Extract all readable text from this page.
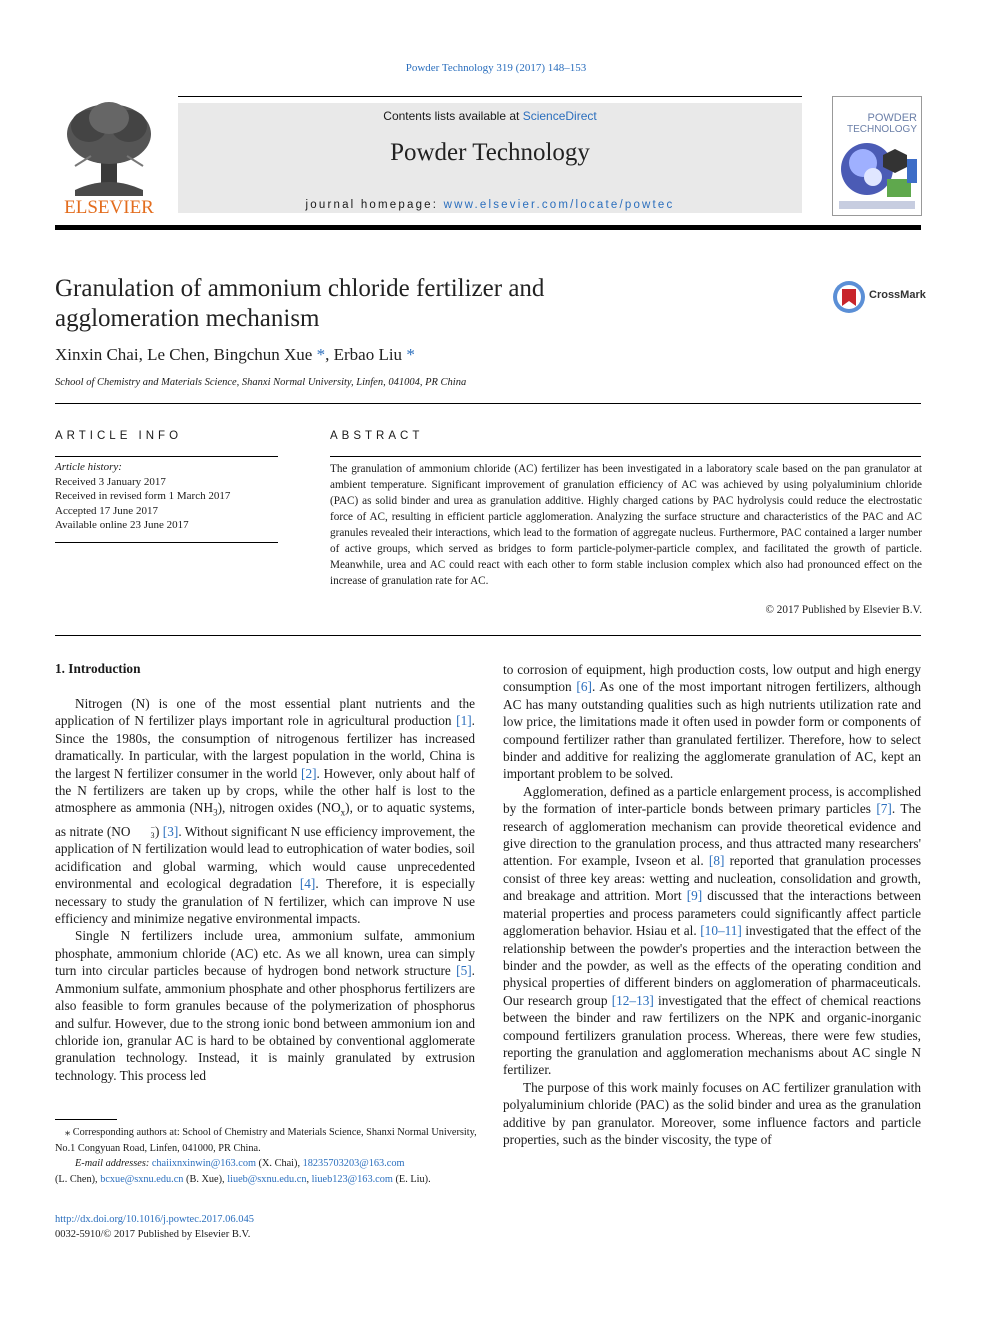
Powder Technology 319 (2017) 148–153
ELSEVIER
Contents lists available at ScienceDirect
Powder Technology
journal homepage: www.elsevier.com/locate/powtec
POWDER
TECHNOLOGY
Granulation of ammonium chloride fertilizer and
agglomeration mechanism
CrossMark
Xinxin Chai, Le Chen, Bingchun Xue *, Erbao Liu *
School of Chemistry and Materials Science, Shanxi Normal University, Linfen, 041004, PR China
ARTICLE INFO
Article history:
Received 3 January 2017
Received in revised form 1 March 2017
Accepted 17 June 2017
Available online 23 June 2017
ABSTRACT
The granulation of ammonium chloride (AC) fertilizer has been investigated in a laboratory scale based on the pan granulator at ambient temperature. Significant improvement of granulation efficiency of AC was achieved by using polyaluminium chloride (PAC) as solid binder and urea as granulation additive. Highly charged cations by PAC hydrolysis could reduce the electrostatic force of AC, resulting in efficient particle agglomeration. Analyzing the surface structure and characteristics of the PAC and AC granules revealed their interactions, which lead to the formation of aggregate nucleus. Furthermore, PAC contained a larger number of active groups, which served as bridges to form particle-polymer-particle complex, and facilitated the growth of particle. Meanwhile, urea and AC could react with each other to form stable inclusion complex which also had pronounced effect on the increase of granulation rate for AC.
© 2017 Published by Elsevier B.V.
1. Introduction

Nitrogen (N) is one of the most essential plant nutrients and the application of N fertilizer plays important role in agricultural production [1]. Since the 1980s, the consumption of nitrogenous fertilizer has increased dramatically. In particular, with the largest population in the world, China is the largest N fertilizer consumer in the world [2]. However, only about half of the N fertilizers are taken up by crops, while the other half is lost to the atmosphere as ammonia $(NH_3)$, nitrogen oxides $(NO_x)$, or to aquatic systems, as nitrate (NO	−
3 ) [3]. Without significant N use efficiency improvement, the application of N fertilization would lead to eutrophication of water bodies, soil acidification and global warming, which would cause unprecedented environmental and ecological degradation [4]. Therefore, it is especially necessary to study the granulation of N fertilizer, which can improve N use efficiency and minimize negative environmental impacts.

Single N fertilizers include urea, ammonium sulfate, ammonium phosphate, ammonium chloride (AC) etc. As we all known, urea can simply turn into circular particles because of hydrogen bond network structure [5]. Ammonium sulfate, ammonium phosphate and other phosphorus fertilizers are also feasible to form granules because of the polymerization of phosphorus and sulfur. However, due to the strong ionic bond between ammonium ion and chloride ion, granular AC is hard to be obtained by conventional agglomerate granulation technology. Instead, it is mainly granulated by extrusion technology. This process led

to corrosion of equipment, high production costs, low output and high energy consumption [6]. As one of the most important nitrogen fertilizers, although AC has many outstanding qualities such as high nutrients utilization rate and low price, the limitations made it often used in powder form or components of compound fertilizer rather than granulated fertilizer. Therefore, how to select binder and additive for realizing the agglomerate granulation of AC, kept an important problem to be solved.

Agglomeration, defined as a particle enlargement process, is accomplished by the formation of inter-particle bonds between primary particles [7]. The research of agglomeration mechanism can provide theoretical evidence and give direction to the granulation process, and thus attracted many researchers' attention. For example, Ivseon et al. [8] reported that granulation processes consist of three key areas: wetting and nucleation, consolidation and growth, and breakage and attrition. Mort [9] discussed that the interactions between material properties and process parameters could significantly affect particle agglomeration behavior. Hsiau et al. [10–11] investigated that the effect of the relationship between the powder's properties and the interaction between the binder and the powder, as well as the effects of the operating condition and physical properties of different binders on agglomeration of pharmaceuticals. Our research group [12–13] investigated that the effect of chemical reactions between the binder and raw fertilizers on the NPK and organic-inorganic compound fertilizers granulation process. Whereas, there were few studies, reporting the granulation and agglomeration mechanisms about AC single N fertilizer.

The purpose of this work mainly focuses on AC fertilizer granulation with polyaluminium chloride (PAC) as the solid binder and urea as the granulation additive by pan granulator. Moreover, some influence factors and particle properties, such as the binder viscosity, the type of

⁎ Corresponding authors at: School of Chemistry and Materials Science, Shanxi Normal University, No.1 Congyuan Road, Linfen, 041000, PR China.

E-mail addresses: chaiixnxinwin@163.com (X. Chai), 18235703203@163.com
(L. Chen), bcxue@sxnu.edu.cn (B. Xue), liueb@sxnu.edu.cn, liueb123@163.com (E. Liu).

http://dx.doi.org/10.1016/j.powtec.2017.06.045
0032-5910/© 2017 Published by Elsevier B.V.
